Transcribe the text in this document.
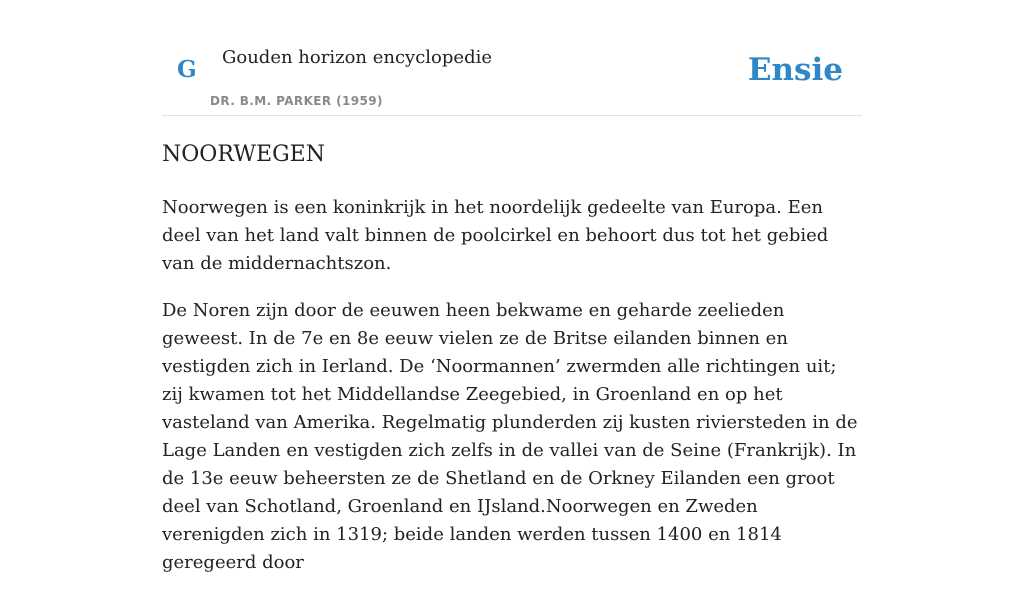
G Gouden horizon encyclopedie
DR. B.M. PARKER (1959)
Ensie
NOORWEGEN

Noorwegen is een koninkrijk in het noordelijk gedeelte van Europa. Een deel van het land valt binnen de poolcirkel en behoort dus tot het gebied van de middernachtszon.

De Noren zijn door de eeuwen heen bekwame en geharde zeelieden geweest. In de 7e en 8e eeuw vielen ze de Britse eilanden binnen en vestigden zich in Ierland. De ‘Noormannen’ zwermden alle richtingen uit; zij kwamen tot het Middellandse Zeegebied, in Groenland en op het vasteland van Amerika. Regelmatig plunderden zij kusten riviersteden in de Lage Landen en vestigden zich zelfs in de vallei van de Seine (Frankrijk). In de 13e eeuw beheersten ze de Shetland en de Orkney Eilanden een groot deel van Schotland, Groenland en IJsland.Noorwegen en Zweden verenigden zich in 1319; beide landen werden tussen 1400 en 1814 geregeerd door
